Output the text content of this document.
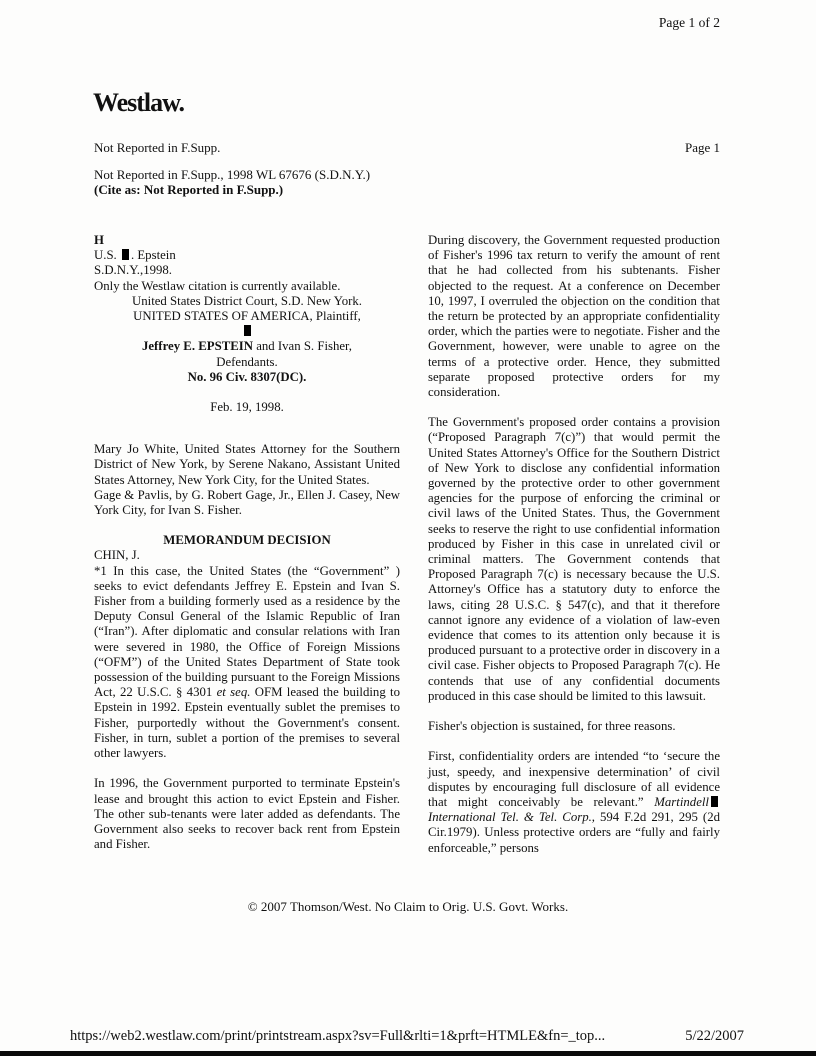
Page 1 of 2
Westlaw.
Not Reported in F.Supp.	Page 1
Not Reported in F.Supp., 1998 WL 67676 (S.D.N.Y.)
(Cite as: Not Reported in F.Supp.)
H
U.S. . Epstein
S.D.N.Y.,1998.
Only the Westlaw citation is currently available.
United States District Court, S.D. New York.
UNITED STATES OF AMERICA, Plaintiff,
Jeffrey E. EPSTEIN and Ivan S. Fisher,
Defendants.
No. 96 Civ. 8307(DC).
Feb. 19, 1998.

Mary Jo White, United States Attorney for the Southern District of New York, by Serene Nakano, Assistant United States Attorney, New York City, for the United States.

Gage & Pavlis, by G. Robert Gage, Jr., Ellen J. Casey, New York City, for Ivan S. Fisher.

MEMORANDUM DECISION
CHIN, J.

*1 In this case, the United States (the “Government” ) seeks to evict defendants Jeffrey E. Epstein and Ivan S. Fisher from a building formerly used as a residence by the Deputy Consul General of the Islamic Republic of Iran (“Iran”). After diplomatic and consular relations with Iran were severed in 1980, the Office of Foreign Missions (“OFM”) of the United States Department of State took possession of the building pursuant to the Foreign Missions Act, 22 U.S.C. § 4301 et seq. OFM leased the building to Epstein in 1992. Epstein eventually sublet the premises to Fisher, purportedly without the Government's consent. Fisher, in turn, sublet a portion of the premises to several other lawyers.

In 1996, the Government purported to terminate Epstein's lease and brought this action to evict Epstein and Fisher. The other sub-tenants were later added as defendants. The Government also seeks to recover back rent from Epstein and Fisher.

During discovery, the Government requested production of Fisher's 1996 tax return to verify the amount of rent that he had collected from his subtenants. Fisher objected to the request. At a conference on December 10, 1997, I overruled the objection on the condition that the return be protected by an appropriate confidentiality order, which the parties were to negotiate. Fisher and the Government, however, were unable to agree on the terms of a protective order. Hence, they submitted separate proposed protective orders for my consideration.

The Government's proposed order contains a provision (“Proposed Paragraph 7(c)”) that would permit the United States Attorney's Office for the Southern District of New York to disclose any confidential information governed by the protective order to other government agencies for the purpose of enforcing the criminal or civil laws of the United States. Thus, the Government seeks to reserve the right to use confidential information produced by Fisher in this case in unrelated civil or criminal matters. The Government contends that Proposed Paragraph 7(c) is necessary because the U.S. Attorney's Office has a statutory duty to enforce the laws, citing 28 U.S.C. § 547(c), and that it therefore cannot ignore any evidence of a violation of law-even evidence that comes to its attention only because it is produced pursuant to a protective order in discovery in a civil case. Fisher objects to Proposed Paragraph 7(c). He contends that use of any confidential documents produced in this case should be limited to this lawsuit.

Fisher's objection is sustained, for three reasons.

First, confidentiality orders are intended “to ‘secure the just, speedy, and inexpensive determination’ of civil disputes by encouraging full disclosure of all evidence that might conceivably be relevant.” Martindell International Tel. & Tel. Corp., 594 F.2d 291, 295 (2d Cir.1979). Unless protective orders are “fully and fairly enforceable,” persons

© 2007 Thomson/West. No Claim to Orig. U.S. Govt. Works.
https://web2.westlaw.com/print/printstream.aspx?sv=Full&rlti=1&prft=HTMLE&fn=_top...	5/22/2007
